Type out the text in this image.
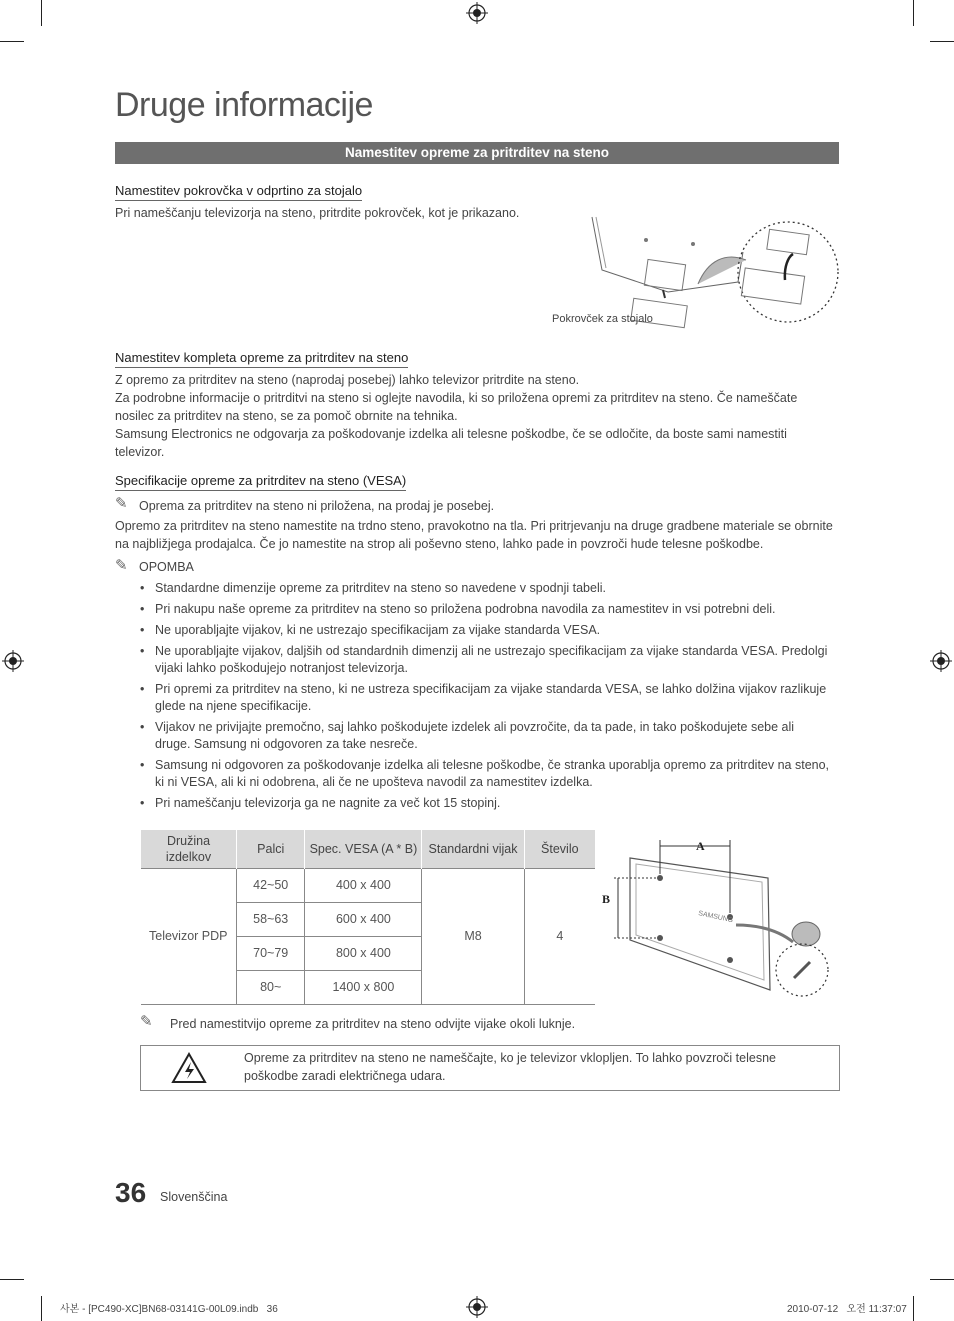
Druge informacije
Namestitev opreme za pritrditev na steno
Namestitev pokrovčka v odprtino za stojalo
Pri nameščanju televizorja na steno, pritrdite pokrovček, kot je prikazano.
Pokrovček za stojalo
Namestitev kompleta opreme za pritrditev na steno
Z opremo za pritrditev na steno (naprodaj posebej) lahko televizor pritrdite na steno.
Za podrobne informacije o pritrditvi na steno si oglejte navodila, ki so priložena opremi za pritrditev na steno. Če nameščate nosilec za pritrditev na steno, se za pomoč obrnite na tehnika.
Samsung Electronics ne odgovarja za poškodovanje izdelka ali telesne poškodbe, če se odločite, da boste sami namestiti televizor.
Specifikacije opreme za pritrditev na steno (VESA)
✎ Oprema za pritrditev na steno ni priložena, na prodaj je posebej.
Opremo za pritrditev na steno namestite na trdno steno, pravokotno na tla. Pri pritrjevanju na druge gradbene materiale se obrnite na najbližjega prodajalca. Če jo namestite na strop ali poševno steno, lahko pade in povzroči hude telesne poškodbe.
✎ OPOMBA
• Standardne dimenzije opreme za pritrditev na steno so navedene v spodnji tabeli.
• Pri nakupu naše opreme za pritrditev na steno so priložena podrobna navodila za namestitev in vsi potrebni deli.
• Ne uporabljajte vijakov, ki ne ustrezajo specifikacijam za vijake standarda VESA.
• Ne uporabljajte vijakov, daljših od standardnih dimenzij ali ne ustrezajo specifikacijam za vijake standarda VESA. Predolgi vijaki lahko poškodujejo notranjost televizorja.
• Pri opremi za pritrditev na steno, ki ne ustreza specifikacijam za vijake standarda VESA, se lahko dolžina vijakov razlikuje glede na njene specifikacije.
• Vijakov ne privijajte premočno, saj lahko poškodujete izdelek ali povzročite, da ta pade, in tako poškodujete sebe ali druge. Samsung ni odgovoren za take nesreče.
• Samsung ni odgovoren za poškodovanje izdelka ali telesne poškodbe, če stranka uporablja opremo za pritrditev na steno, ki ni VESA, ali ki ni odobrena, ali če ne upošteva navodil za namestitev izdelka.
• Pri nameščanju televizorja ga ne nagnite za več kot 15 stopinj.
Družina izdelkov	Palci	Spec. VESA (A * B)	Standardni vijak	Število
Televizor PDP	42~50	400 x 400	M8	4
	58~63	600 x 400		
	70~79	800 x 400		
	80~	1400 x 800		
SAMSUNG
A
B
✎ Pred namestitvijo opreme za pritrditev na steno odvijte vijake okoli luknje.
Opreme za pritrditev na steno ne nameščajte, ko je televizor vklopljen. To lahko povzroči telesne poškodbe zaradi električnega udara.
36 Slovenščina
사본 - [PC490-XC]BN68-03141G-00L09.indb   36	2010-07-12   오전 11:37:07
